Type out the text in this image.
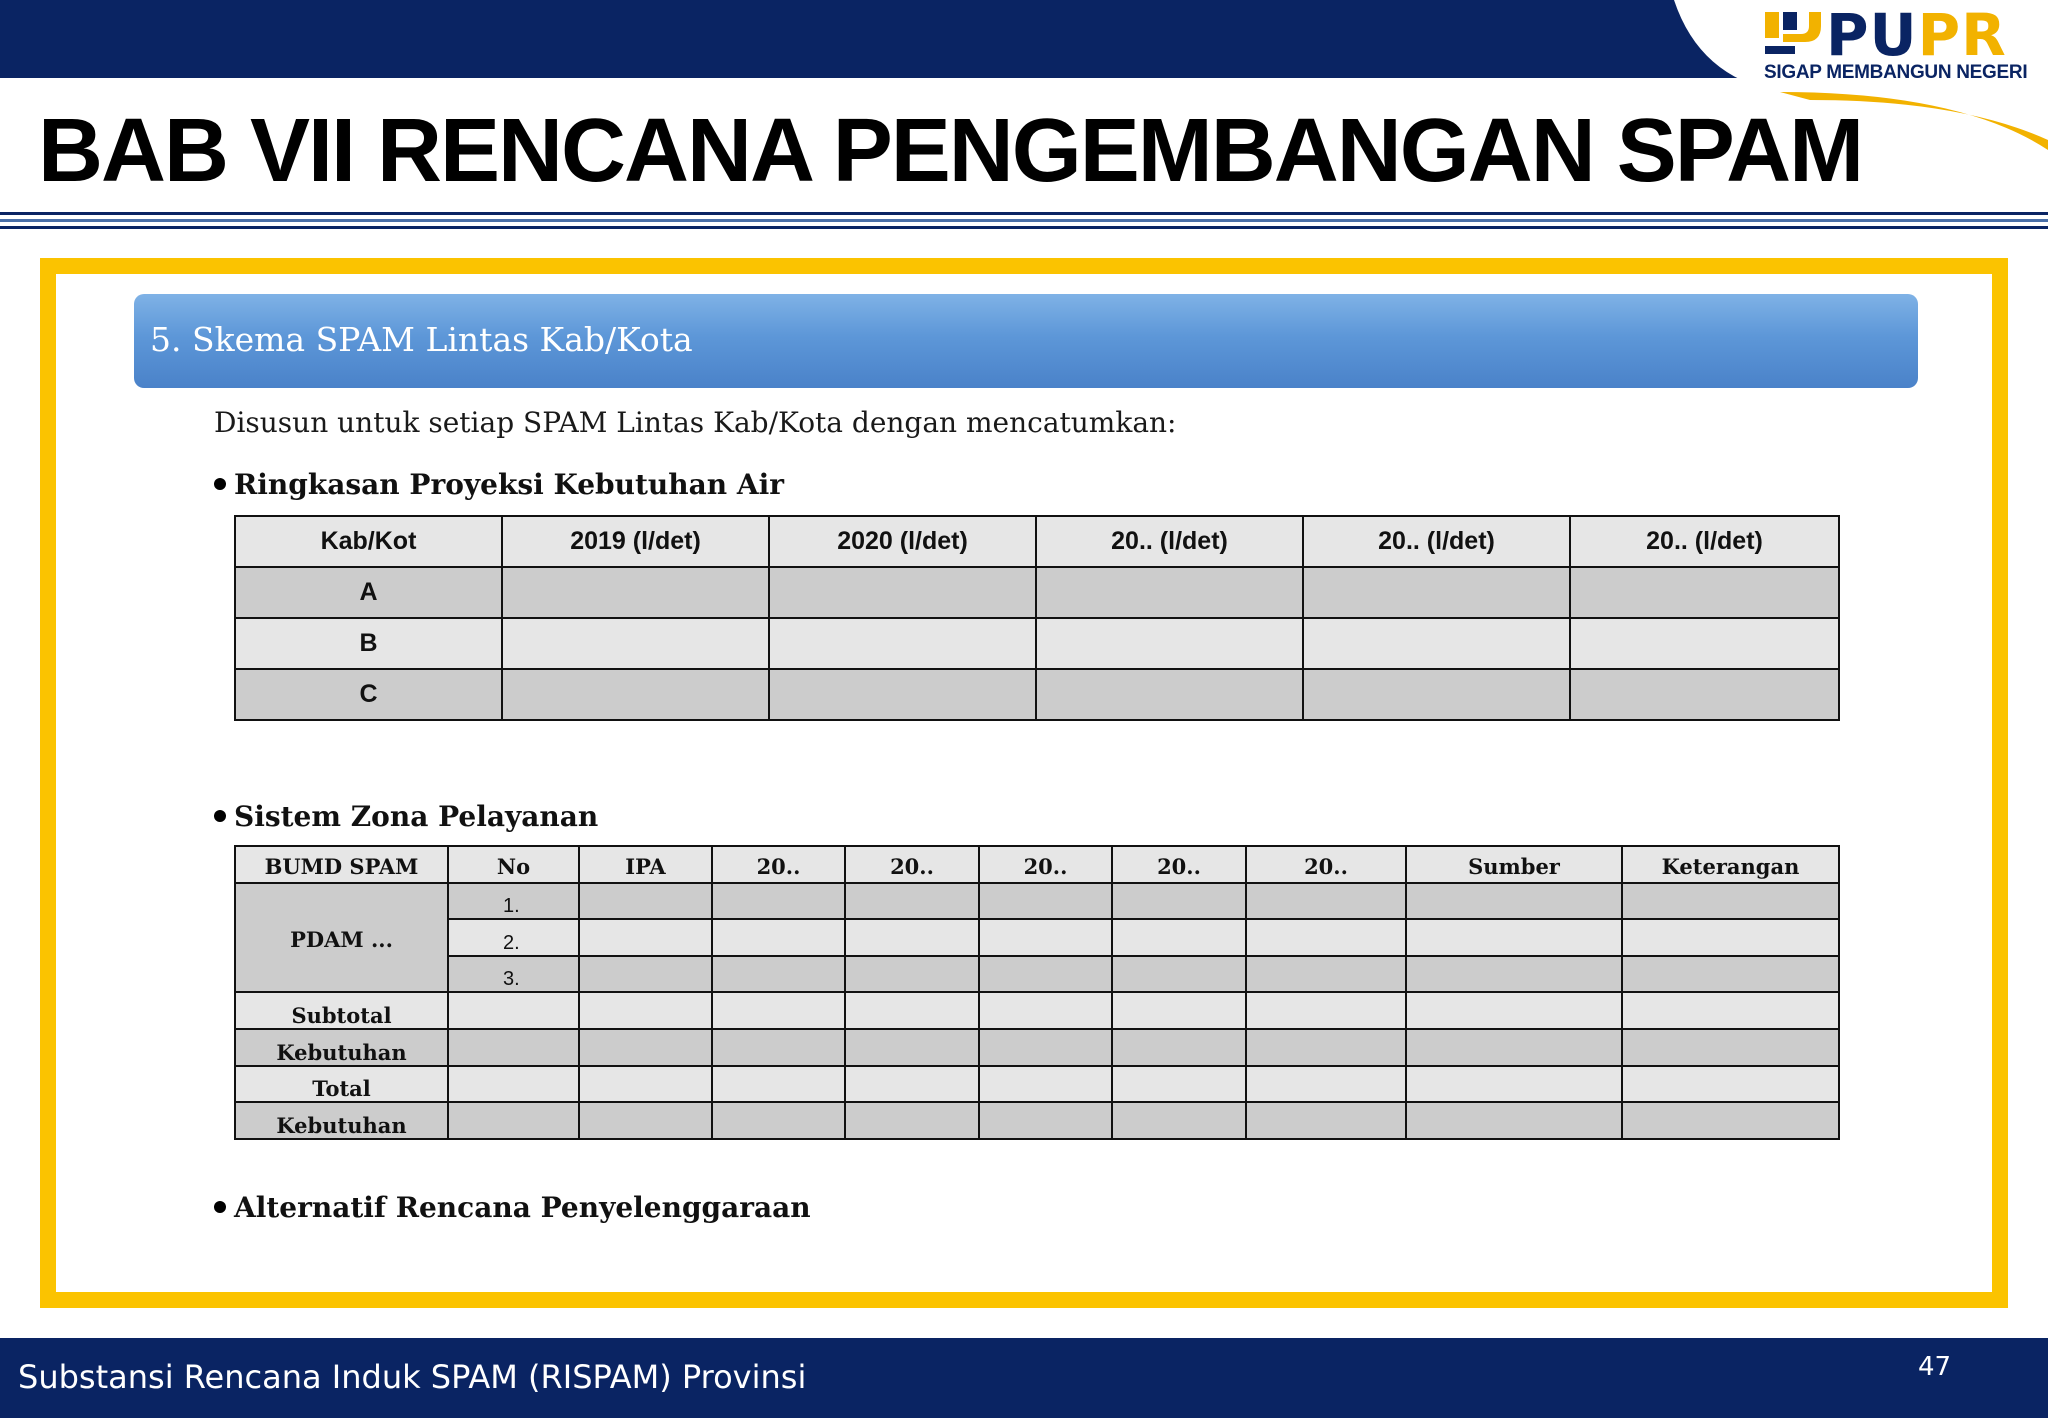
PUPR
SIGAP MEMBANGUN NEGERI
BAB VII RENCANA PENGEMBANGAN SPAM
5. Skema SPAM Lintas Kab/Kota
Disusun untuk setiap SPAM Lintas Kab/Kota dengan mencatumkan:
Ringkasan Proyeksi Kebutuhan Air
Kab/Kot	2019 (l/det)	2020 (l/det)	20.. (l/det)	20.. (l/det)	20.. (l/det)
A					
B					
C					
Sistem Zona Pelayanan
BUMD SPAM	No	IPA	20..	20..	20..	20..	20..	Sumber	Keterangan
PDAM ...	1.								
	2.								
	3.								
Subtotal									
Kebutuhan									
Total									
Kebutuhan									
Alternatif Rencana Penyelenggaraan
Substansi Rencana Induk SPAM (RISPAM) Provinsi	47
